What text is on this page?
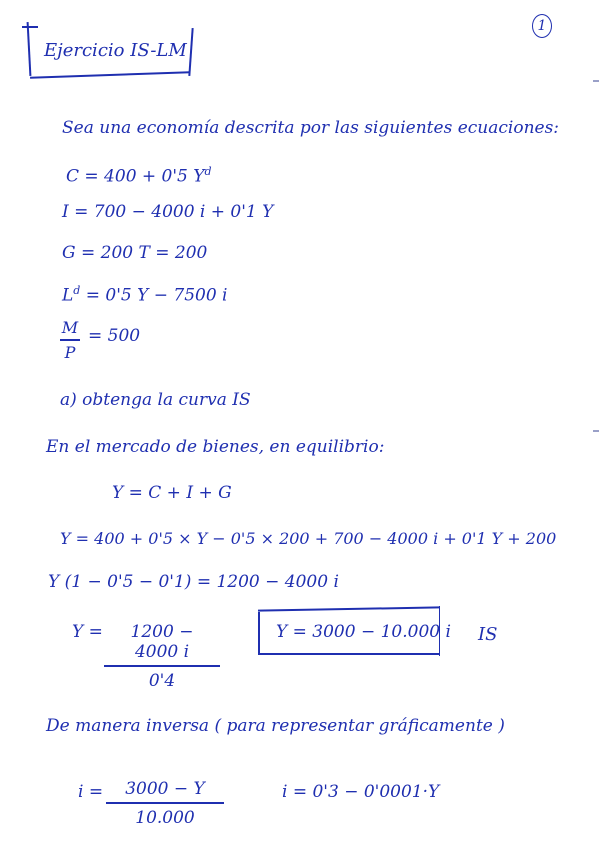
Ejercicio IS-LM
1
Sea una economía descrita por las siguientes ecuaciones:
C = 400 + 0'5 $Y^d$
I = 700 − 4000 i + 0'1 Y
G = 200 T = 200
$L^d = 0'5$ Y − 7500 i
M
P
= 500
a) obtenga la curva IS
En el mercado de bienes, en equilibrio:
Y = C + I + G
Y = 400 + 0'5 × Y − 0'5 × 200 + 700 − 4000 i + 0'1 Y + 200
Y (1 − 0'5 − 0'1) = 1200 − 4000 i
Y =	1200 − 4000 i
0'4
Y = 3000 − 10.000 i IS
De manera inversa ( para representar gráficamente )
i =	3000 − Y
10.000
i = 0'3 − 0'0001·Y
